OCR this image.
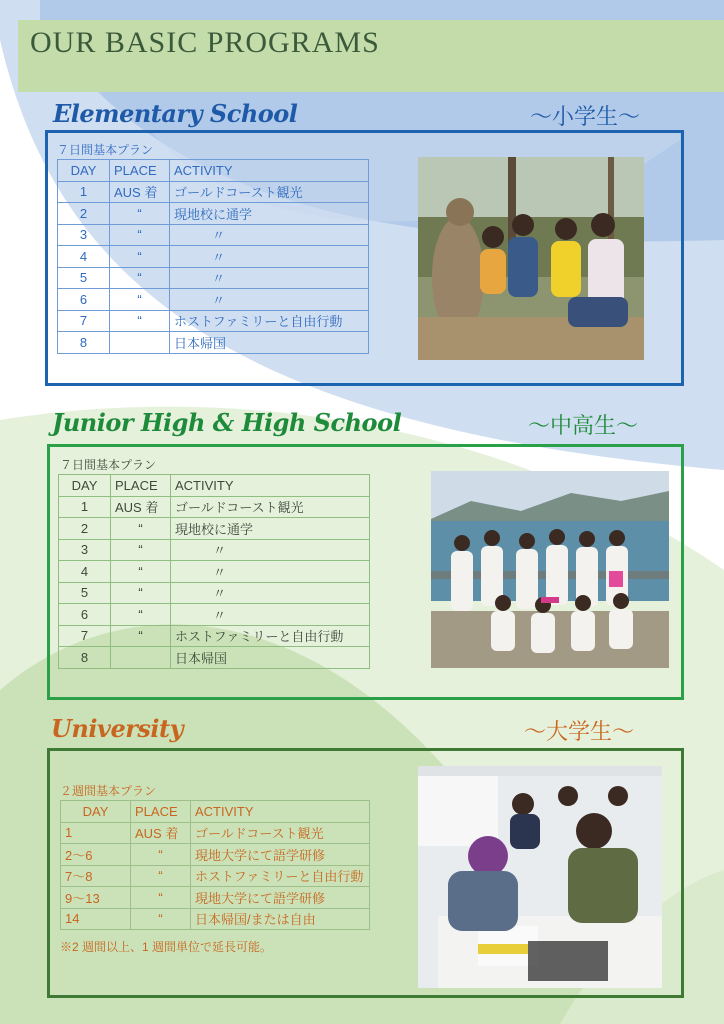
OUR BASIC PROGRAMS
Elementary School	〜小学生〜
７日間基本プラン
DAY	PLACE	ACTIVITY
1	AUS 着	ゴールドコースト観光
2	“	現地校に通学
3	“	〃
4	“	〃
5	“	〃
6	“	〃
7	“	ホストファミリーと自由行動
8		日本帰国
Junior High & High School	〜中高生〜
７日間基本プラン
DAY	PLACE	ACTIVITY
1	AUS 着	ゴールドコースト観光
2	“	現地校に通学
3	“	〃
4	“	〃
5	“	〃
6	“	〃
7	“	ホストファミリーと自由行動
8		日本帰国
University	〜大学生〜
２週間基本プラン
DAY	PLACE	ACTIVITY
1	AUS 着	ゴールドコースト観光
2〜6	“	現地大学にて語学研修
7〜8	“	ホストファミリーと自由行動
9〜13	“	現地大学にて語学研修
14	“	日本帰国/または自由
※2 週間以上、1 週間単位で延長可能。
